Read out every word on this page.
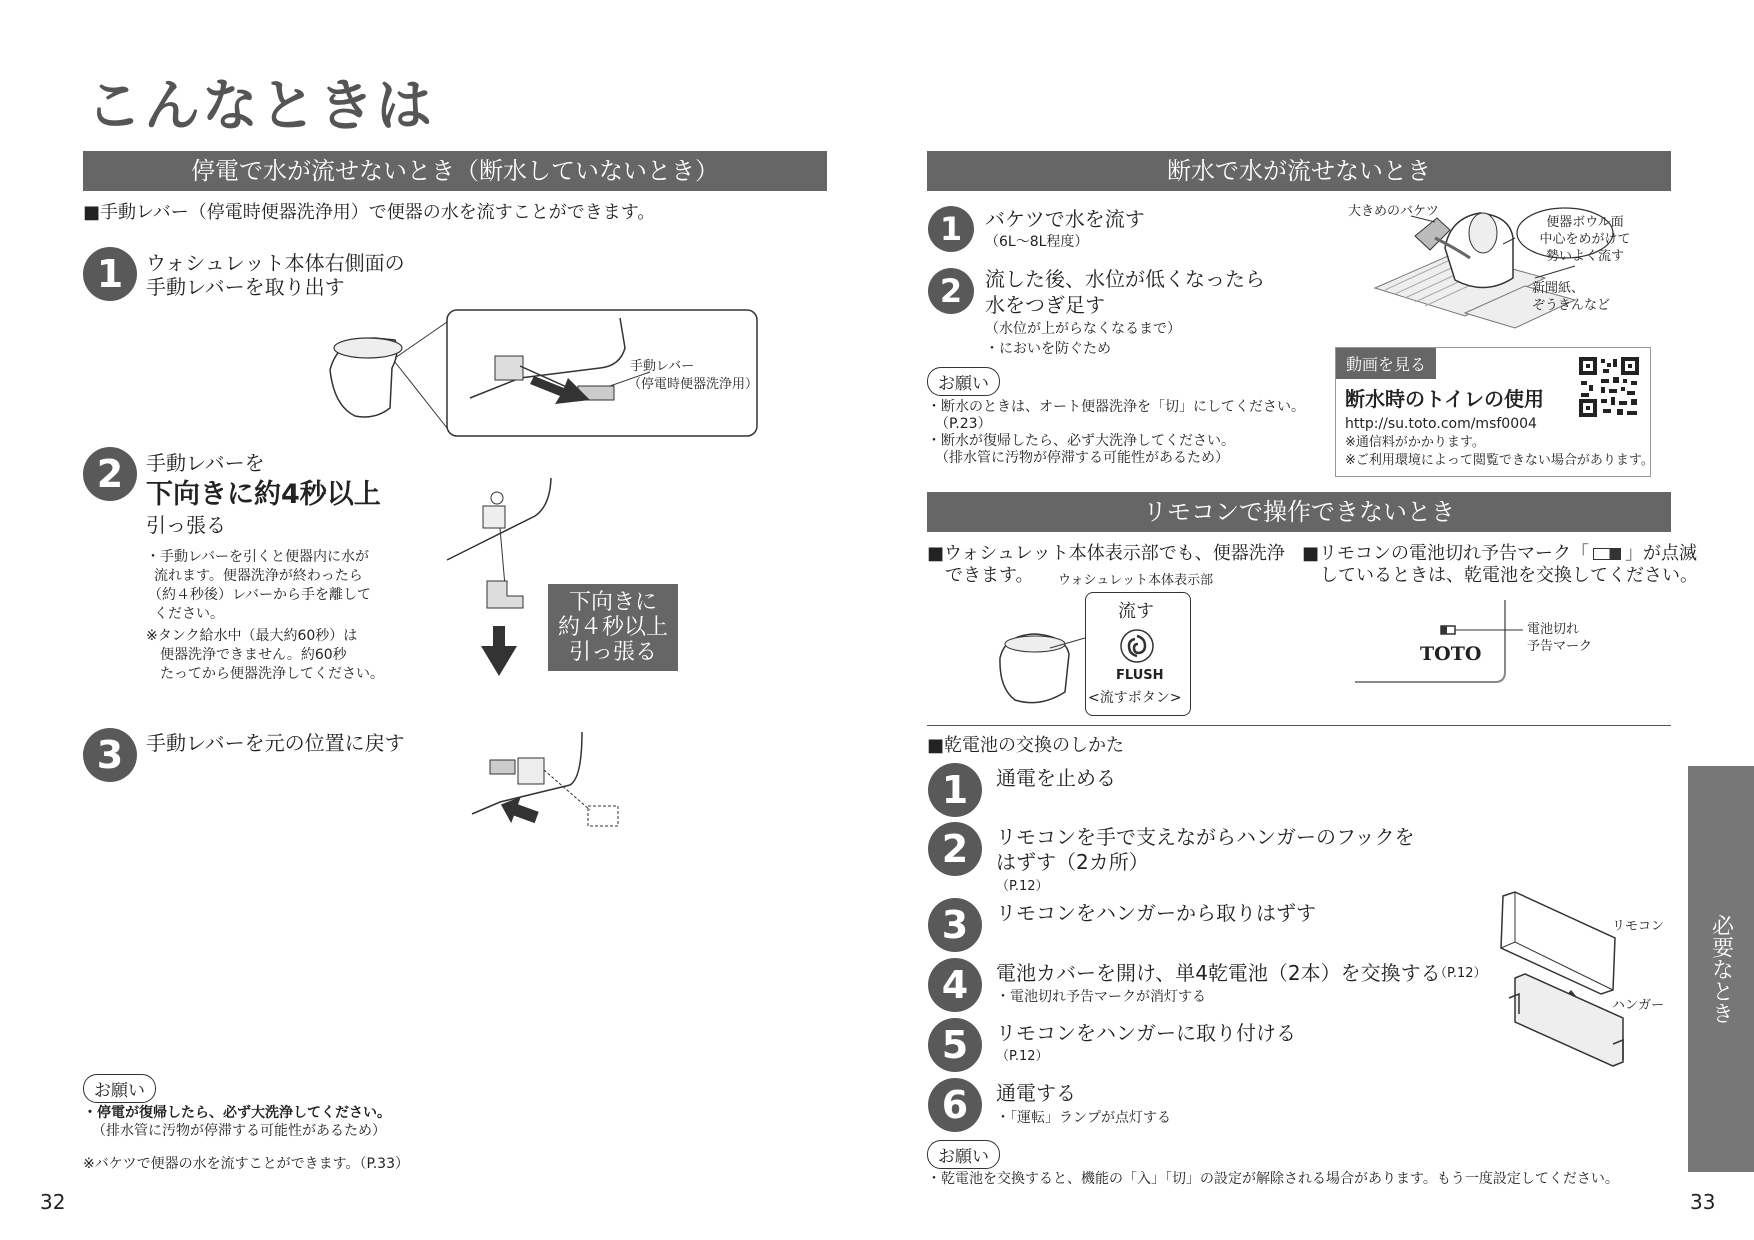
こんなときは
停電で水が流せないとき（断水していないとき）
■手動レバー（停電時便器洗浄用）で便器の水を流すことができます。
1	ウォシュレット本体右側面の
手動レバーを取り出す
手動レバー
（停電時便器洗浄用）
2	手動レバーを
下向きに約4秒以上
引っ張る
・手動レバーを引くと便器内に水が
流れます。便器洗浄が終わったら
（約４秒後）レバーから手を離して
ください。
※タンク給水中（最大約60秒）は
便器洗浄できません。約60秒
たってから便器洗浄してください。
下向きに
約４秒以上
引っ張る
3	手動レバーを元の位置に戻す
お願い
・停電が復帰したら、必ず大洗浄してください。
（排水管に汚物が停滞する可能性があるため）
※バケツで便器の水を流すことができます。（P.33）
32
断水で水が流せないとき
1	バケツで水を流す
（6L～8L程度）
2	流した後、水位が低くなったら
水をつぎ足す
（水位が上がらなくなるまで）
・においを防ぐため
大きめのバケツ
便器ボウル面
中心をめがけて
勢いよく流す
新聞紙、
ぞうきんなど
動画を見る
断水時のトイレの使用
http://su.toto.com/msf0004
※通信料がかかります。
※ご利用環境によって閲覧できない場合があります。
お願い
・断水のときは、オート便器洗浄を「切」にしてください。
（P.23）
・断水が復帰したら、必ず大洗浄してください。
（排水管に汚物が停滞する可能性があるため）
リモコンで操作できないとき
■ウォシュレット本体表示部でも、便器洗浄
できます。 ウォシュレット本体表示部
流す
FLUSH
<流すボタン>
■リモコンの電池切れ予告マーク「 」が点滅
しているときは、乾電池を交換してください。
TOTO
電池切れ
予告マーク
■乾電池の交換のしかた
1	通電を止める
2	リモコンを手で支えながらハンガーのフックを
はずす（2カ所）
（P.12）
3	リモコンをハンガーから取りはずす
4	電池カバーを開け、単4乾電池（2本）を交換する
（P.12）
・電池切れ予告マークが消灯する
5	リモコンをハンガーに取り付ける
（P.12）
6	通電する
・「運転」ランプが点灯する
リモコン
ハンガー
お願い
・乾電池を交換すると、機能の「入」「切」の設定が解除される場合があります。もう一度設定してください。
必要なとき
33
